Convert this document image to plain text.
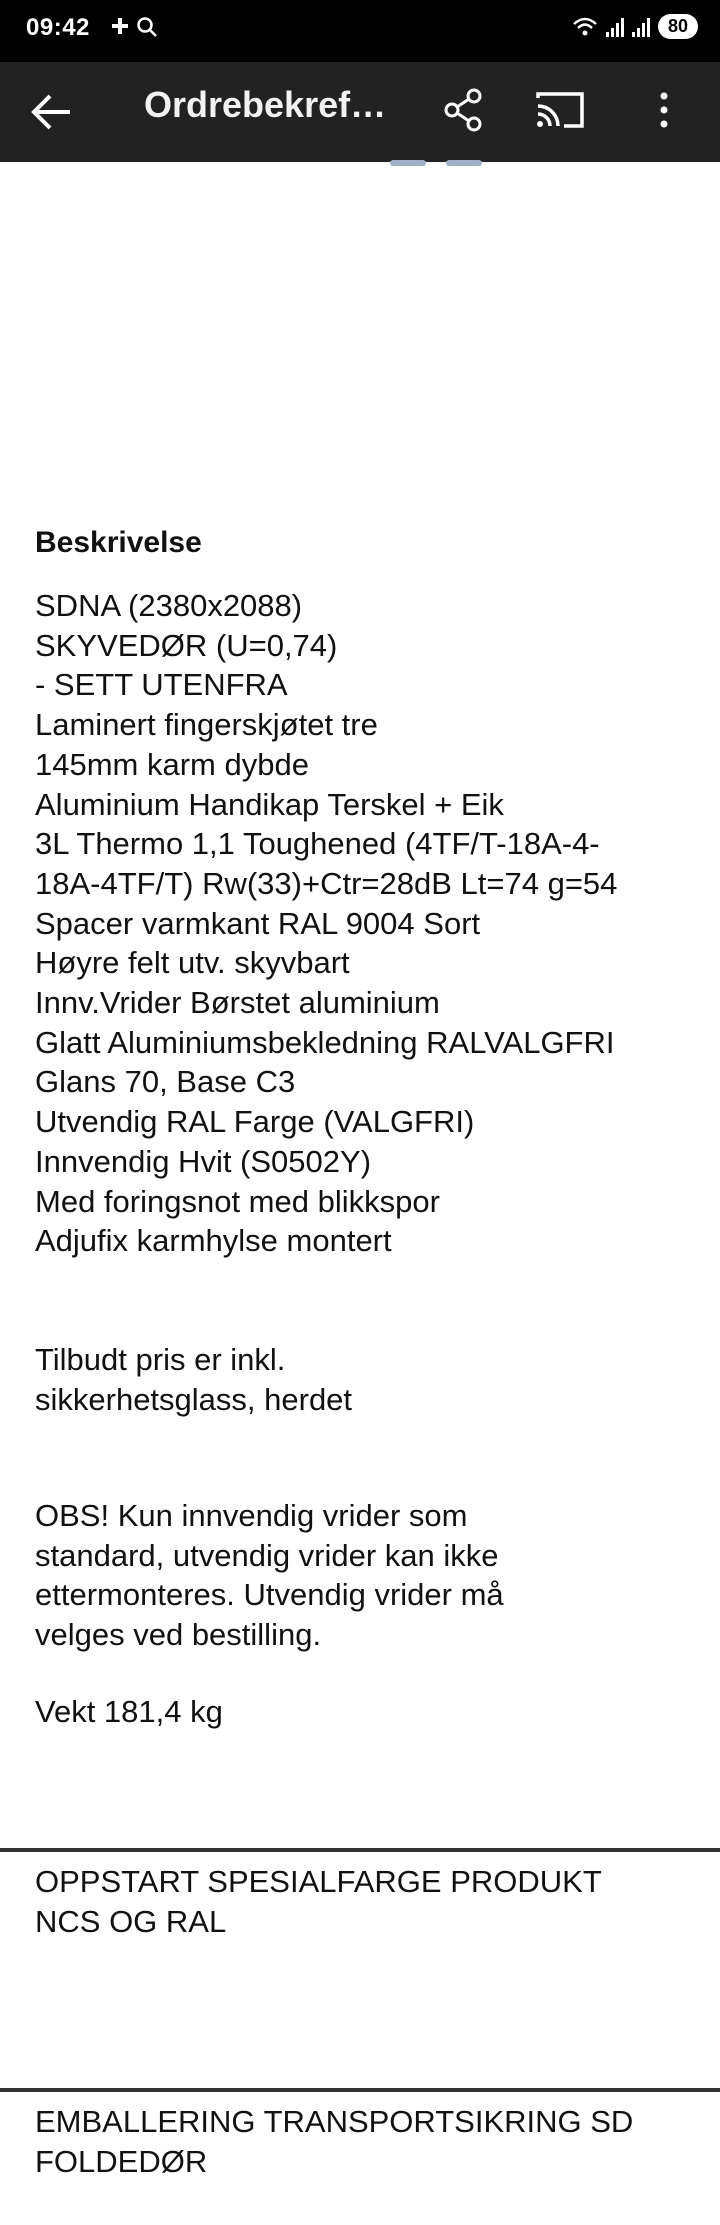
09:42	80
Ordrebekref…
Beskrivelse
SDNA (2380x2088)
SKYVEDØR (U=0,74)
- SETT UTENFRA
Laminert fingerskjøtet tre
145mm karm dybde
Aluminium Handikap Terskel + Eik
3L Thermo 1,1 Toughened (4TF/T-18A-4-
18A-4TF/T) Rw(33)+Ctr=28dB Lt=74 g=54
Spacer varmkant RAL 9004 Sort
Høyre felt utv. skyvbart
Innv.Vrider Børstet aluminium
Glatt Aluminiumsbekledning RALVALGFRI
Glans 70, Base C3
Utvendig RAL Farge (VALGFRI)
Innvendig Hvit (S0502Y)
Med foringsnot med blikkspor
Adjufix karmhylse montert
Tilbudt pris er inkl.
sikkerhetsglass, herdet
OBS! Kun innvendig vrider som
standard, utvendig vrider kan ikke
ettermonteres. Utvendig vrider må
velges ved bestilling.
Vekt 181,4 kg
OPPSTART SPESIALFARGE PRODUKT
NCS OG RAL
EMBALLERING TRANSPORTSIKRING SD
FOLDEDØR
